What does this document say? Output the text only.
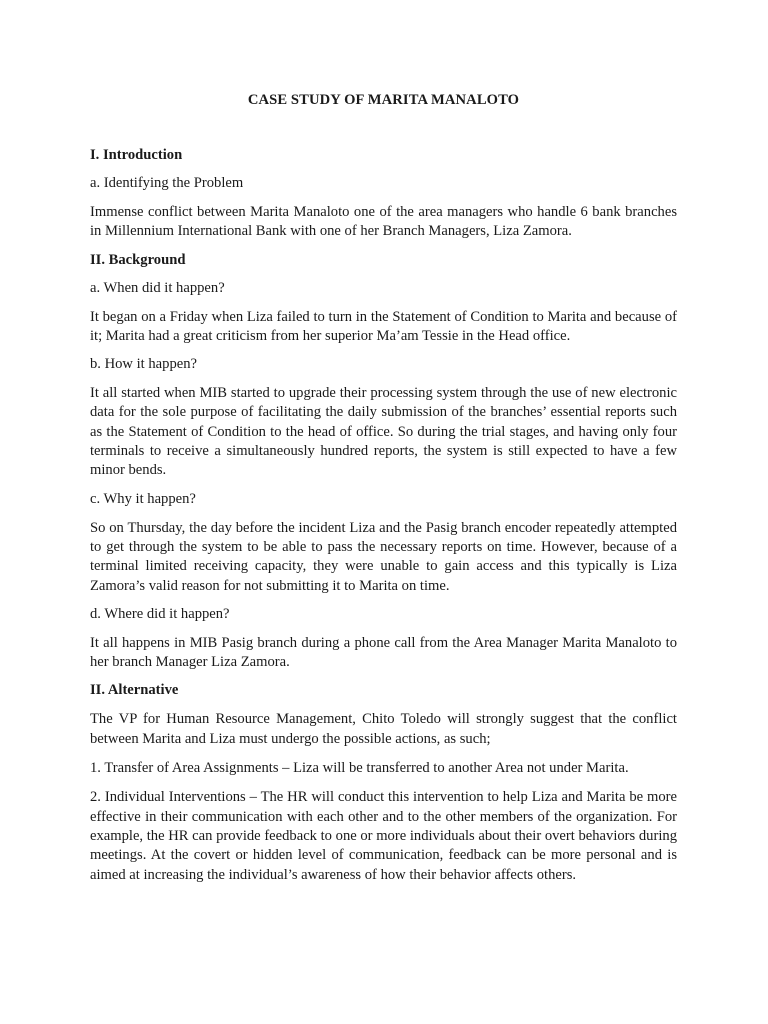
CASE STUDY OF MARITA MANALOTO
I. Introduction
a. Identifying the Problem
Immense conflict between Marita Manaloto one of the area managers who handle 6 bank branches in Millennium International Bank with one of her Branch Managers, Liza Zamora.
II. Background
a. When did it happen?
It began on a Friday when Liza failed to turn in the Statement of Condition to Marita and because of it; Marita had a great criticism from her superior Ma’am Tessie in the Head office.
b. How it happen?
It all started when MIB started to upgrade their processing system through the use of new electronic data for the sole purpose of facilitating the daily submission of the branches’ essential reports such as the Statement of Condition to the head of office. So during the trial stages, and having only four terminals to receive a simultaneously hundred reports, the system is still expected to have a few minor bends.
c. Why it happen?
So on Thursday, the day before the incident Liza and the Pasig branch encoder repeatedly attempted to get through the system to be able to pass the necessary reports on time. However, because of a terminal limited receiving capacity, they were unable to gain access and this typically is Liza Zamora’s valid reason for not submitting it to Marita on time.
d. Where did it happen?
It all happens in MIB Pasig branch during a phone call from the Area Manager Marita Manaloto to her branch Manager Liza Zamora.
II. Alternative
The VP for Human Resource Management, Chito Toledo will strongly suggest that the conflict between Marita and Liza must undergo the possible actions, as such;
1. Transfer of Area Assignments – Liza will be transferred to another Area not under Marita.
2. Individual Interventions – The HR will conduct this intervention to help Liza and Marita be more effective in their communication with each other and to the other members of the organization. For example, the HR can provide feedback to one or more individuals about their overt behaviors during meetings. At the covert or hidden level of communication, feedback can be more personal and is aimed at increasing the individual’s awareness of how their behavior affects others.
